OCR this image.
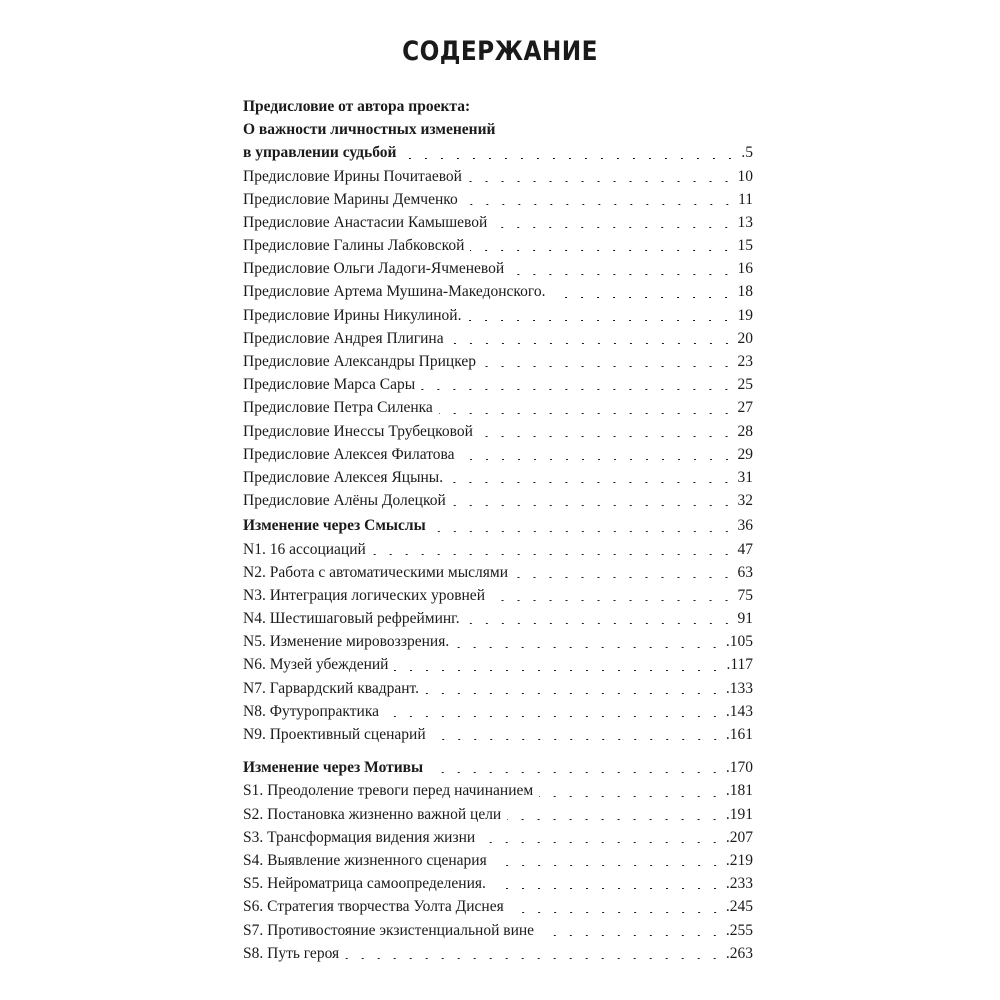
СОДЕРЖАНИЕ
Предисловие от автора проекта:
О важности личностных изменений
в управлении судьбой	.5
Предисловие Ирины Почитаевой	10
Предисловие Марины Демченко	11
Предисловие Анастасии Камышевой	13
Предисловие Галины Лабковской	15
Предисловие Ольги Ладоги-Ячменевой	16
Предисловие Артема Мушина-Македонского.	18
Предисловие Ирины Никулиной.	19
Предисловие Андрея Плигина	20
Предисловие Александры Прицкер	23
Предисловие Марса Сары	25
Предисловие Петра Силенка	27
Предисловие Инессы Трубецковой	28
Предисловие Алексея Филатова	29
Предисловие Алексея Яцыны.	31
Предисловие Алёны Долецкой	32
Изменение через Смыслы	36
N1. 16 ассоциаций	47
N2. Работа с автоматическими мыслями	63
N3. Интеграция логических уровней	75
N4. Шестишаговый рефрейминг.	91
N5. Изменение мировоззрения.	.105
N6. Музей убеждений	.117
N7. Гарвардский квадрант.	.133
N8. Футуропрактика	.143
N9. Проективный сценарий	.161
Изменение через Мотивы	.170
S1. Преодоление тревоги перед начинанием	.181
S2. Постановка жизненно важной цели	.191
S3. Трансформация видения жизни	.207
S4. Выявление жизненного сценария	.219
S5. Нейроматрица самоопределения.	.233
S6. Стратегия творчества Уолта Диснея	.245
S7. Противостояние экзистенциальной вине	.255
S8. Путь героя	.263
